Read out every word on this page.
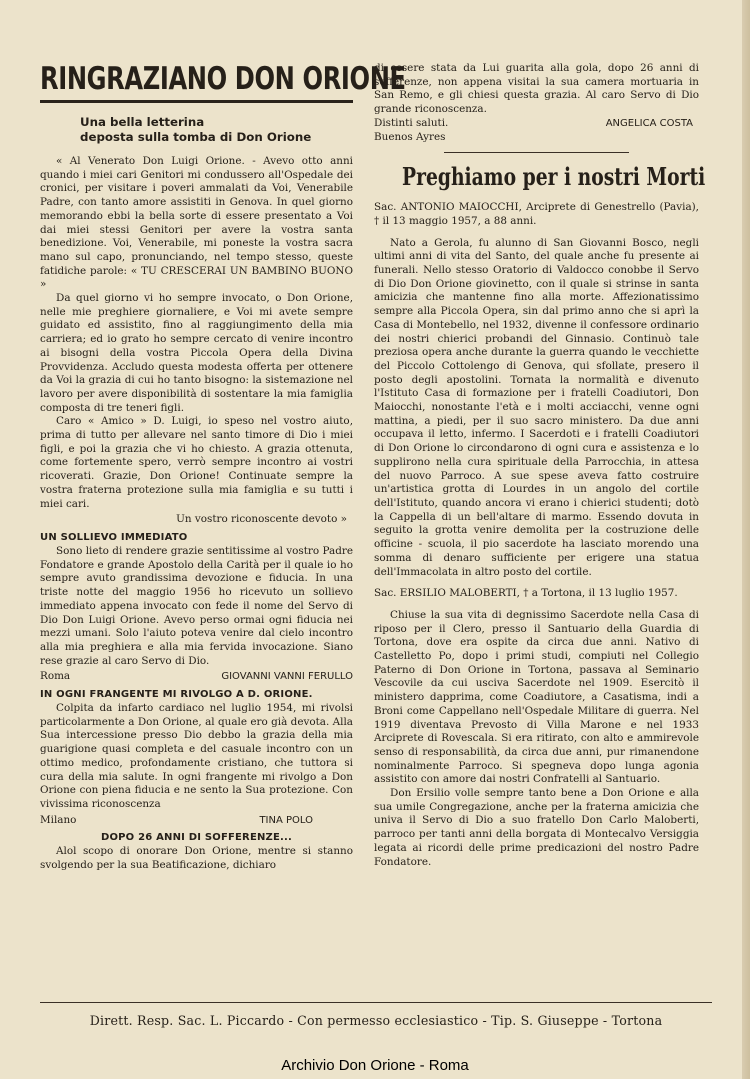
RINGRAZIANO DON ORIONE
Una bella letterina
deposta sulla tomba di Don Orione

« Al Venerato Don Luigi Orione. - Avevo otto anni quando i miei cari Genitori mi condussero all'Ospedale dei cronici, per visitare i poveri ammalati da Voi, Venerabile Padre, con tanto amore assistiti in Genova. In quel giorno memorando ebbi la bella sorte di essere presentato a Voi dai miei stessi Genitori per avere la vostra santa benedizione. Voi, Venerabile, mi poneste la vostra sacra mano sul capo, pronunciando, nel tempo stesso, queste fatidiche parole: « TU CRESCERAI UN BAMBINO BUONO »

Da quel giorno vi ho sempre invocato, o Don Orione, nelle mie preghiere giornaliere, e Voi mi avete sempre guidato ed assistito, fino al raggiungimento della mia carriera; ed io grato ho sempre cercato di venire incontro ai bisogni della vostra Piccola Opera della Divina Provvidenza. Accludo questa modesta offerta per ottenere da Voi la grazia di cui ho tanto bisogno: la sistemazione nel lavoro per avere disponibilità di sostentare la mia famiglia composta di tre teneri figli.

Caro « Amico » D. Luigi, io speso nel vostro aiuto, prima di tutto per allevare nel santo timore di Dio i miei figli, e poi la grazia che vi ho chiesto. A grazia ottenuta, come fortemente spero, verrò sempre incontro ai vostri ricoverati. Grazie, Don Orione! Continuate sempre la vostra fraterna protezione sulla mia famiglia e su tutti i miei cari.

Un vostro riconoscente devoto »

UN SOLLIEVO IMMEDIATO

Sono lieto di rendere grazie sentitissime al vostro Padre Fondatore e grande Apostolo della Carità per il quale io ho sempre avuto grandissima devozione e fiducia. In una triste notte del maggio 1956 ho ricevuto un sollievo immediato appena invocato con fede il nome del Servo di Dio Don Luigi Orione. Avevo perso ormai ogni fiducia nei mezzi umani. Solo l'aiuto poteva venire dal cielo incontro alla mia preghiera e alla mia fervida invocazione. Siano rese grazie al caro Servo di Dio.

Roma	GIOVANNI VANNI FERULLO

IN OGNI FRANGENTE MI RIVOLGO A D. ORIONE.

Colpita da infarto cardiaco nel luglio 1954, mi rivolsi particolarmente a Don Orione, al quale ero già devota. Alla Sua intercessione presso Dio debbo la grazia della mia guarigione quasi completa e del casuale incontro con un ottimo medico, profondamente cristiano, che tuttora si cura della mia salute. In ogni frangente mi rivolgo a Don Orione con piena fiducia e ne sento la Sua protezione. Con vivissima riconoscenza

Milano	TINA POLO

DOPO 26 ANNI DI SOFFERENZE...

Alol scopo di onorare Don Orione, mentre si stanno svolgendo per la sua Beatificazione, dichiaro

di essere stata da Lui guarita alla gola, dopo 26 anni di sofferenze, non appena visitai la sua camera mortuaria in San Remo, e gli chiesi questa grazia. Al caro Servo di Dio grande riconoscenza.

Distinti saluti.	ANGELICA COSTA

Buenos Ayres

Preghiamo per i nostri Morti

Sac. ANTONIO MAIOCCHI, Arciprete di Genestrello (Pavia), † il 13 maggio 1957, a 88 anni.

Nato a Gerola, fu alunno di San Giovanni Bosco, negli ultimi anni di vita del Santo, del quale anche fu presente ai funerali. Nello stesso Oratorio di Valdocco conobbe il Servo di Dio Don Orione giovinetto, con il quale si strinse in santa amicizia che mantenne fino alla morte. Affezionatissimo sempre alla Piccola Opera, sin dal primo anno che si aprì la Casa di Montebello, nel 1932, divenne il confessore ordinario dei nostri chierici probandi del Ginnasio. Continuò tale preziosa opera anche durante la guerra quando le vecchiette del Piccolo Cottolengo di Genova, qui sfollate, presero il posto degli apostolini. Tornata la normalità e divenuto l'Istituto Casa di formazione per i fratelli Coadiutori, Don Maiocchi, nonostante l'età e i molti acciacchi, venne ogni mattina, a piedi, per il suo sacro ministero. Da due anni occupava il letto, infermo. I Sacerdoti e i fratelli Coadiutori di Don Orione lo circondarono di ogni cura e assistenza e lo supplirono nella cura spirituale della Parrocchia, in attesa del nuovo Parroco. A sue spese aveva fatto costruire un'artistica grotta di Lourdes in un angolo del cortile dell'Istituto, quando ancora vi erano i chierici studenti; dotò la Cappella di un bell'altare di marmo. Essendo dovuta in seguito la grotta venire demolita per la costruzione delle officine - scuola, il pio sacerdote ha lasciato morendo una somma di denaro sufficiente per erigere una statua dell'Immacolata in altro posto del cortile.

Sac. ERSILIO MALOBERTI, † a Tortona, il 13 luglio 1957.

Chiuse la sua vita di degnissimo Sacerdote nella Casa di riposo per il Clero, presso il Santuario della Guardia di Tortona, dove era ospite da circa due anni. Nativo di Castelletto Po, dopo i primi studi, compiuti nel Collegio Paterno di Don Orione in Tortona, passava al Seminario Vescovile da cui usciva Sacerdote nel 1909. Esercitò il ministero dapprima, come Coadiutore, a Casatisma, indi a Broni come Cappellano nell'Ospedale Militare di guerra. Nel 1919 diventava Prevosto di Villa Marone e nel 1933 Arciprete di Rovescala. Si era ritirato, con alto e ammirevole senso di responsabilità, da circa due anni, pur rimanendone nominalmente Parroco. Si spegneva dopo lunga agonia assistito con amore dai nostri Confratelli al Santuario.

Don Ersilio volle sempre tanto bene a Don Orione e alla sua umile Congregazione, anche per la fraterna amicizia che univa il Servo di Dio a suo fratello Don Carlo Maloberti, parroco per tanti anni della borgata di Montecalvo Versiggia legata ai ricordi delle prime predicazioni del nostro Padre Fondatore.

Dirett. Resp. Sac. L. Piccardo - Con permesso ecclesiastico - Tip. S. Giuseppe - Tortona
Archivio Don Orione - Roma
